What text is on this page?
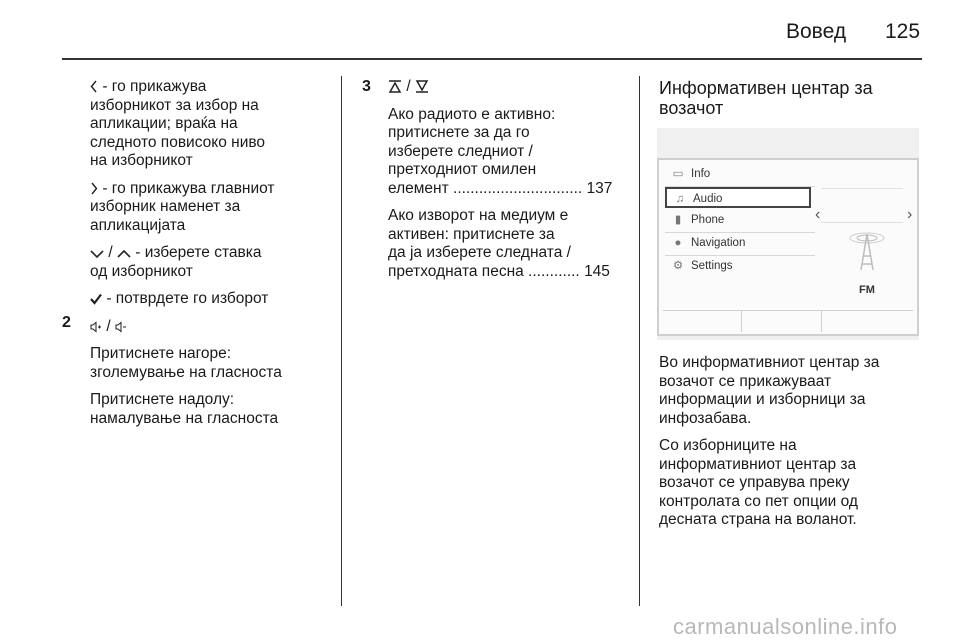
Вовед 125
- го прикажува
изборникот за избор на
апликации; враќа на
следното повисоко ниво
на изборникот
- го прикажува главниот
изборник наменет за
апликацијата
/ - изберете ставка
од изборникот
- потврдете го изборот
/
Притиснете нагоре:
зголемување на гласноста
Притиснете надолу:
намалување на гласноста
2
3	/
Ако радиото е активно:
притиснете за да го
изберете следниот /
претходниот омилен
елемент .............................. 137
Ако изворот на медиум е
активен: притиснете за
да ја изберете следната /
претходната песна ............ 145
Информативен центар за
возачот
▭ Info
♫ Audio
▮ Phone
● Navigation
⚙ Settings
‹	›
FM
Во информативниот центар за
возачот се прикажуваат
информации и изборници за
инфозабава.
Со изборниците на
информативниот центар за
возачот се управува преку
контролата со пет опции од
десната страна на воланот.
carmanualsonline.info
